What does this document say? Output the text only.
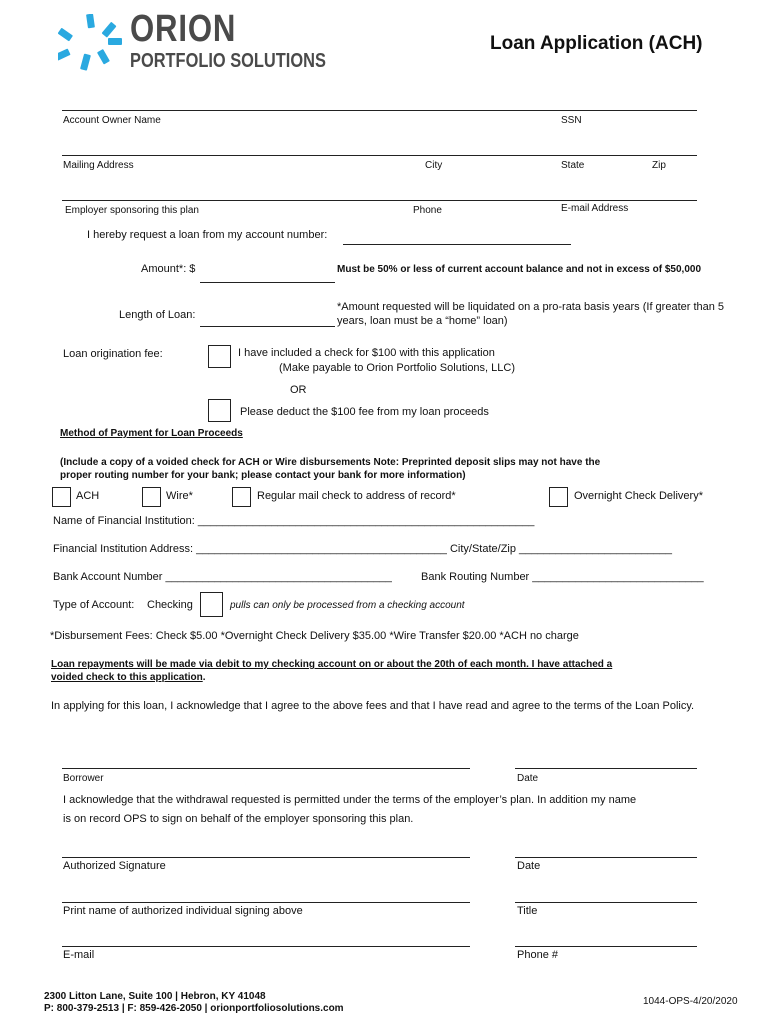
ORION
PORTFOLIO SOLUTIONS
Loan Application (ACH)
Account Owner Name	SSN
Mailing Address	City	State	Zip
Employer sponsoring this plan	Phone	E-mail Address
I hereby request a loan from my account number:
Amount*: $	Must be 50% or less of current account balance and not in excess of $50,000
Length of Loan:
*Amount requested will be liquidated on a pro-rata basis years (If greater than 5
years, loan must be a “home” loan)
Loan origination fee:	I have included a check for $100 with this application
(Make payable to Orion Portfolio Solutions, LLC)
OR
Please deduct the $100 fee from my loan proceeds
Method of Payment for Loan Proceeds
(Include a copy of a voided check for ACH or Wire disbursements Note: Preprinted deposit slips may not have the
proper routing number for your bank; please contact your bank for more information)
ACH	Wire*	Regular mail check to address of record*	Overnight Check Delivery*
Name of Financial Institution: _______________________________________________________
Financial Institution Address: _________________________________________ City/State/Zip _________________________
Bank Account Number _____________________________________	Bank Routing Number ____________________________
Type of Account: Checking	pulls can only be processed from a checking account
*Disbursement Fees: Check $5.00 *Overnight Check Delivery $35.00 *Wire Transfer $20.00 *ACH no charge
Loan repayments will be made via debit to my checking account on or about the 20th of each month. I have attached a
voided check to this application.
In applying for this loan, I acknowledge that I agree to the above fees and that I have read and agree to the terms of the Loan Policy.
Borrower	Date
I acknowledge that the withdrawal requested is permitted under the terms of the employer’s plan. In addition my name
is on record OPS to sign on behalf of the employer sponsoring this plan.
Authorized Signature	Date
Print name of authorized individual signing above	Title
E-mail	Phone #
2300 Litton Lane, Suite 100 | Hebron, KY 41048
P: 800-379-2513 | F: 859-426-2050 | orionportfoliosolutions.com
1044-OPS-4/20/2020
